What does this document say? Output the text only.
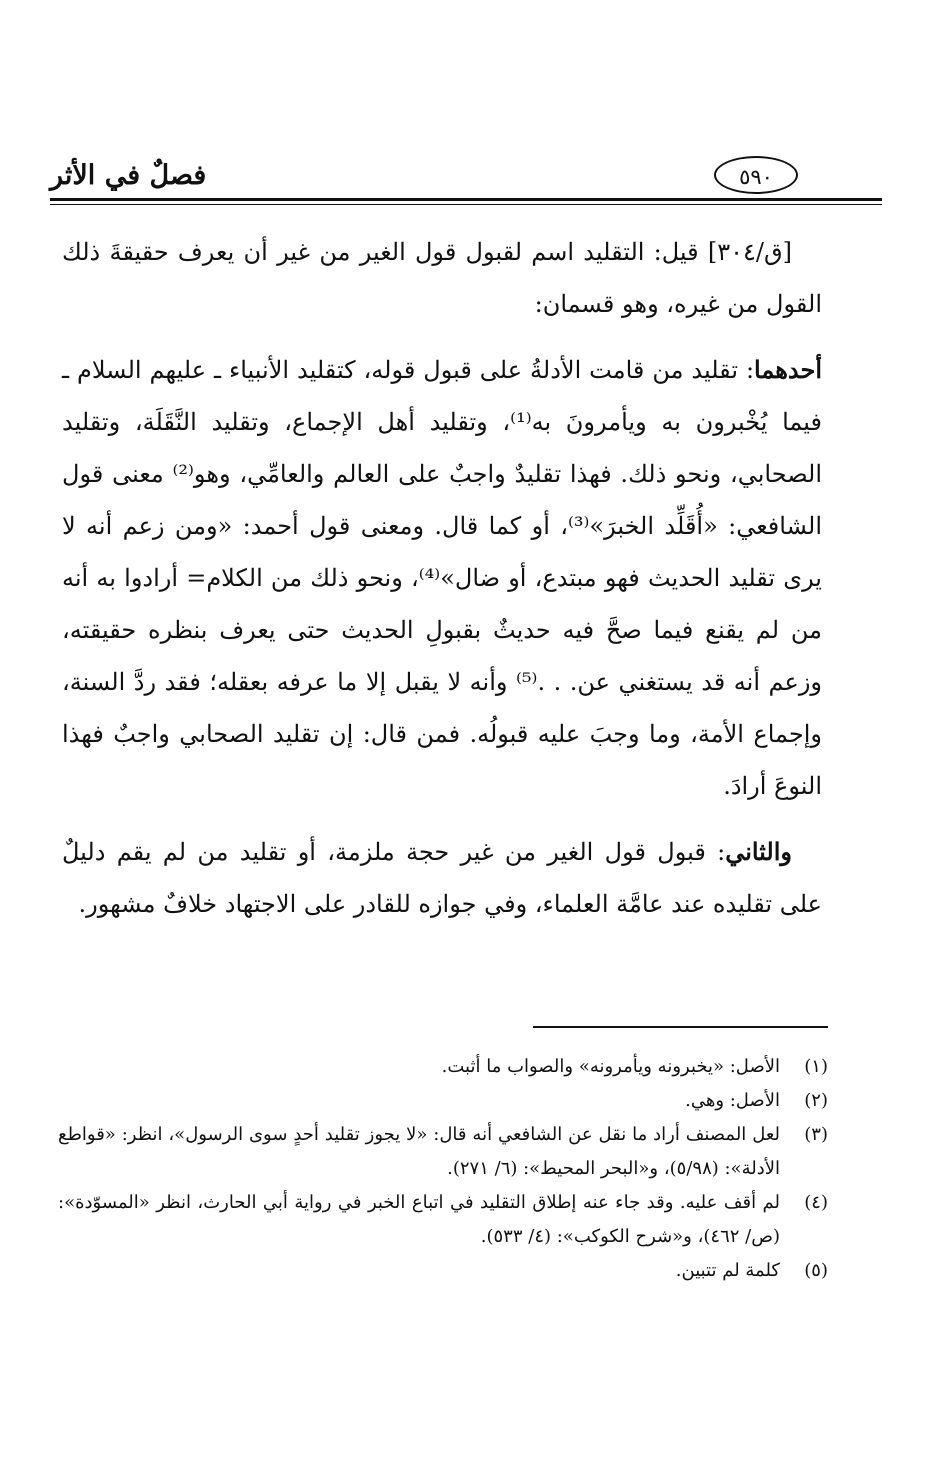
فصلٌ في الأثر	٥٩٠

[ق/٣٠٤] قيل: التقليد اسم لقبول قول الغير من غير أن يعرف حقيقةَ ذلك القول من غيره، وهو قسمان:

أحدهما: تقليد من قامت الأدلةُ على قبول قوله، كتقليد الأنبياء ـ عليهم السلام ـ فيما يُخْبرون به ويأمرونَ به⁽¹⁾، وتقليد أهل الإجماع، وتقليد النَّقَلَة، وتقليد الصحابي، ونحو ذلك. فهذا تقليدٌ واجبٌ على العالم والعامِّي، وهو⁽²⁾ معنى قول الشافعي: «أُقَلِّد الخبرَ»⁽³⁾، أو كما قال. ومعنى قول أحمد: «ومن زعم أنه لا يرى تقليد الحديث فهو مبتدع، أو ضال»⁽⁴⁾، ونحو ذلك من الكلام= أرادوا به أنه من لم يقنع فيما صحَّ فيه حديثٌ بقبولِ الحديث حتى يعرف بنظره حقيقته، وزعم أنه قد يستغني عن. . .⁽⁵⁾ وأنه لا يقبل إلا ما عرفه بعقله؛ فقد ردَّ السنة، وإجماع الأمة، وما وجبَ عليه قبولُه. فمن قال: إن تقليد الصحابي واجبٌ فهذا النوعَ أرادَ.

والثاني: قبول قول الغير من غير حجة ملزمة، أو تقليد من لم يقم دليلٌ على تقليده عند عامَّة العلماء، وفي جوازه للقادر على الاجتهاد خلافٌ مشهور.

(١)
الأصل: «يخبرونه ويأمرونه» والصواب ما أثبت.
(٢)
الأصل: وهي.
(٣)
لعل المصنف أراد ما نقل عن الشافعي أنه قال: «لا يجوز تقليد أحدٍ سوى الرسول»، انظر: «قواطع الأدلة»: (٥/٩٨)، و«البحر المحيط»: (٦/ ٢٧١).
(٤)
لم أقف عليه. وقد جاء عنه إطلاق التقليد في اتباع الخبر في رواية أبي الحارث، انظر «المسوّدة»: (ص/ ٤٦٢)، و«شرح الكوكب»: (٤/ ٥٣٣).
(٥)
كلمة لم تتبين.
